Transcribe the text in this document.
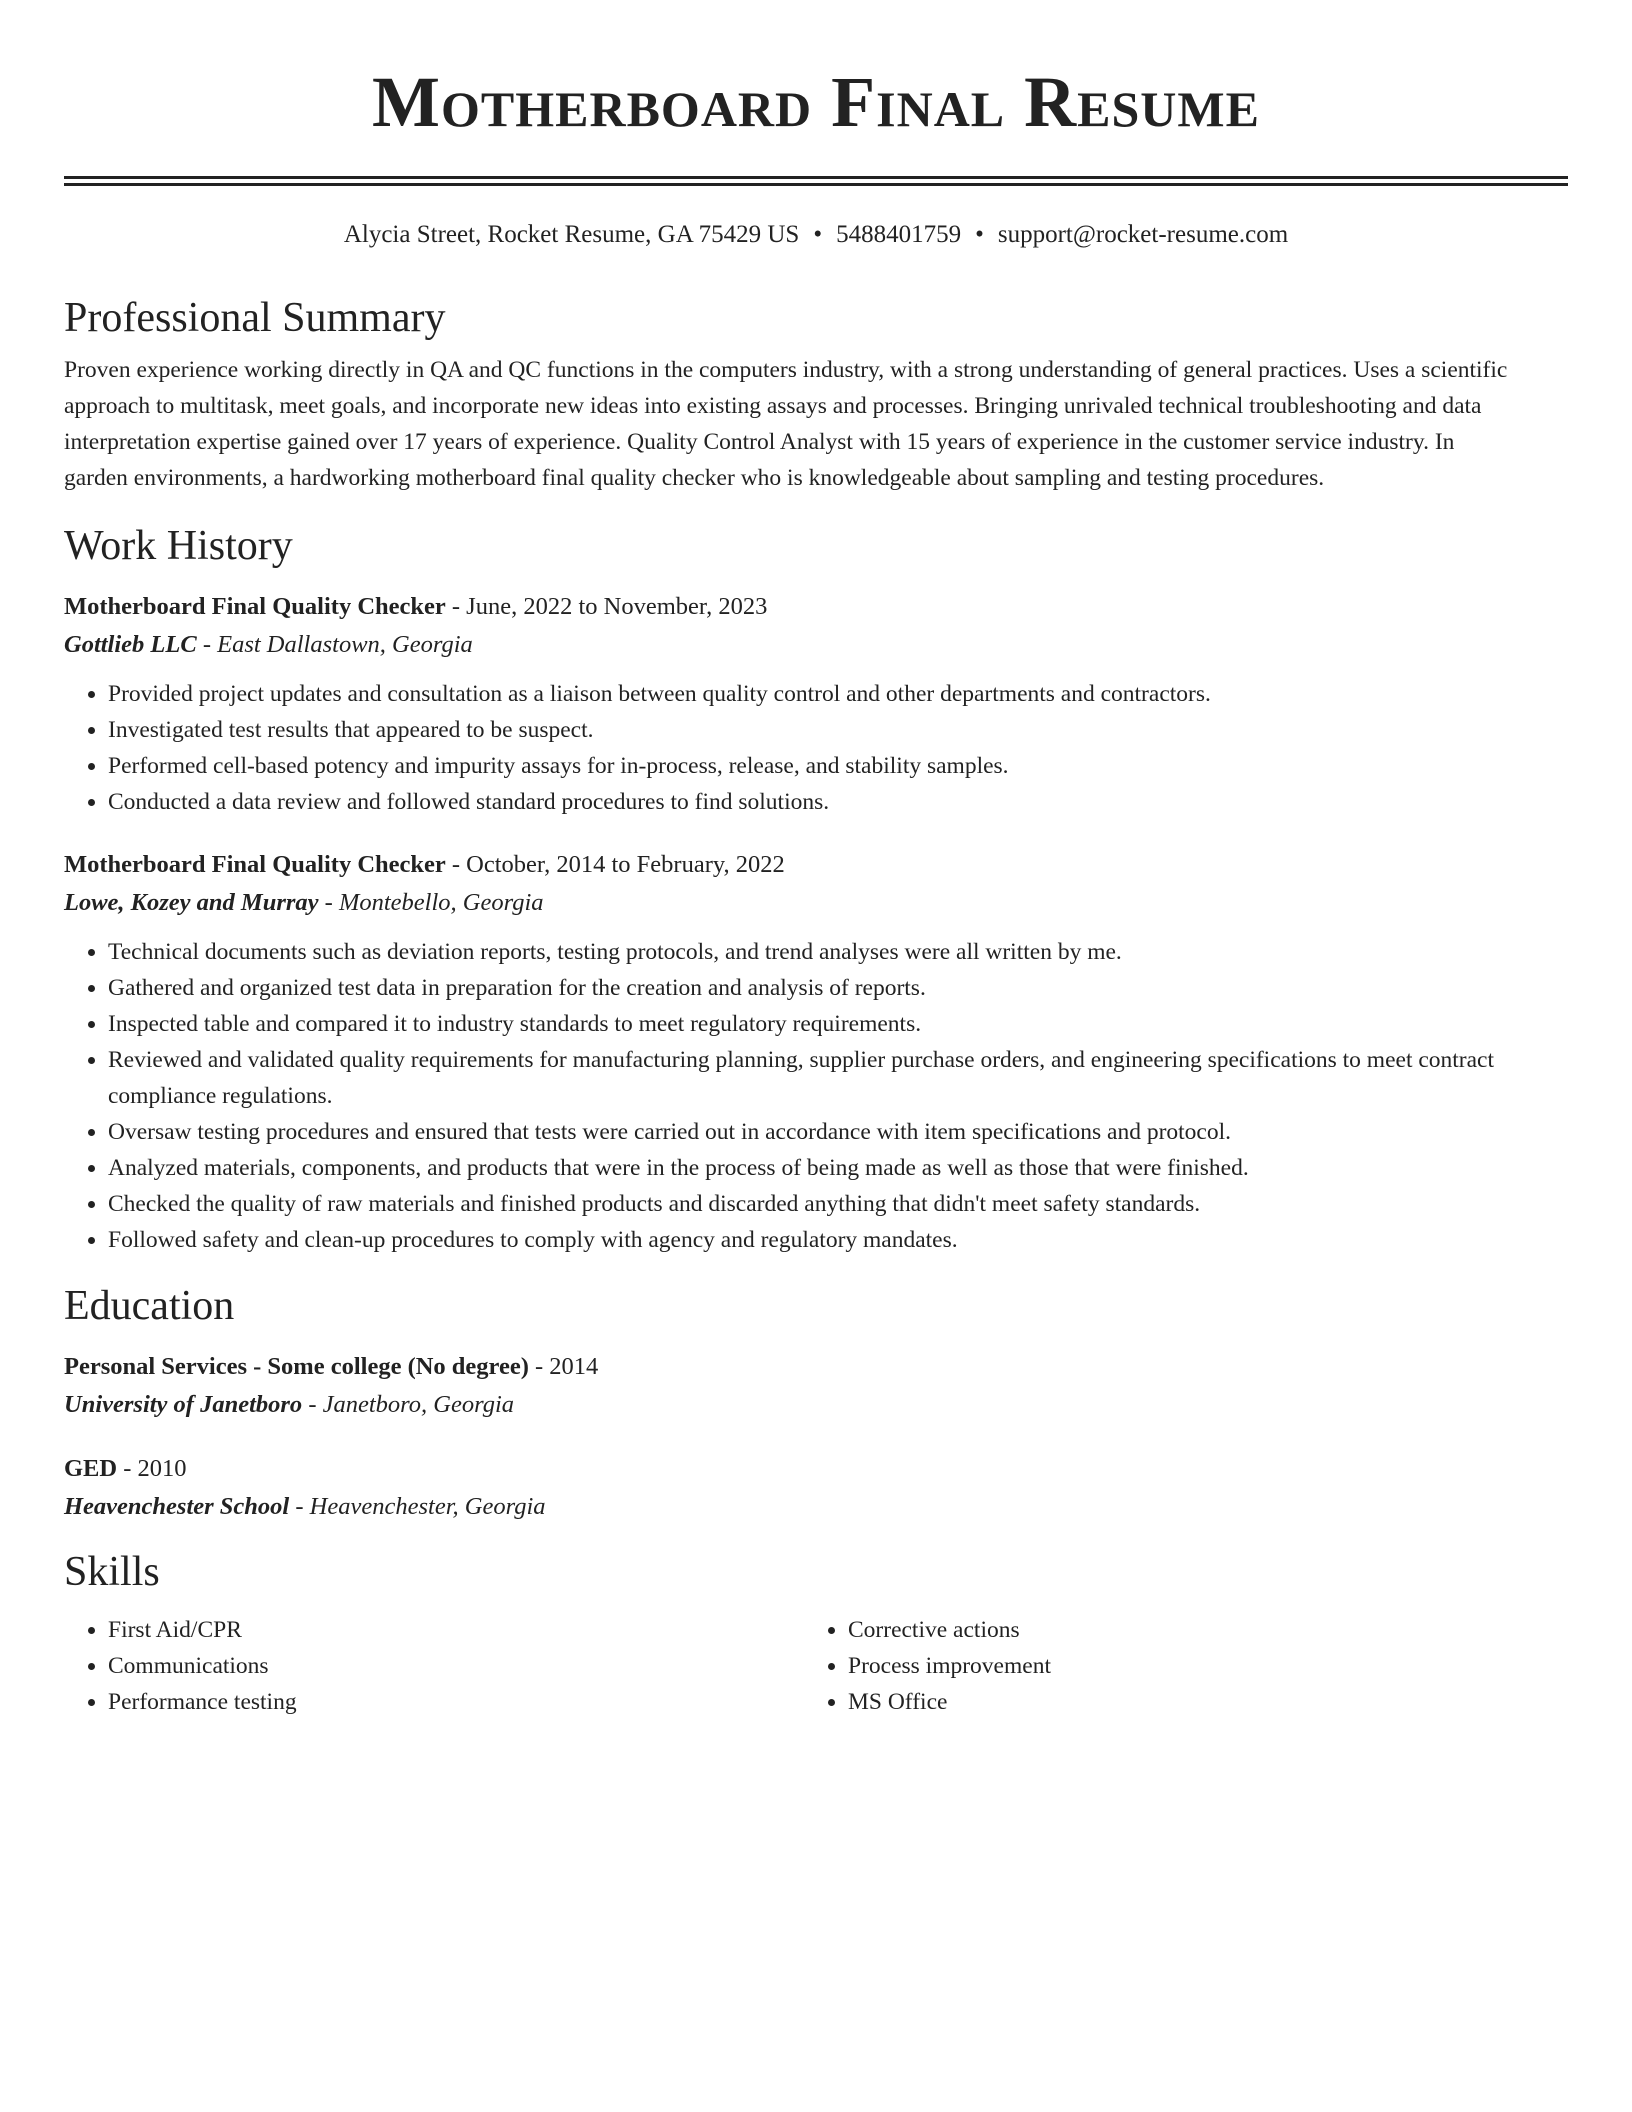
Motherboard Final Resume
Alycia Street, Rocket Resume, GA 75429 US • 5488401759 • support@rocket-resume.com
Professional Summary
Proven experience working directly in QA and QC functions in the computers industry, with a strong understanding of general practices. Uses a scientific approach to multitask, meet goals, and incorporate new ideas into existing assays and processes. Bringing unrivaled technical troubleshooting and data interpretation expertise gained over 17 years of experience. Quality Control Analyst with 15 years of experience in the customer service industry. In garden environments, a hardworking motherboard final quality checker who is knowledgeable about sampling and testing procedures.
Work History
Motherboard Final Quality Checker - June, 2022 to November, 2023
Gottlieb LLC - East Dallastown, Georgia
• Provided project updates and consultation as a liaison between quality control and other departments and contractors.
• Investigated test results that appeared to be suspect.
• Performed cell-based potency and impurity assays for in-process, release, and stability samples.
• Conducted a data review and followed standard procedures to find solutions.
Motherboard Final Quality Checker - October, 2014 to February, 2022
Lowe, Kozey and Murray - Montebello, Georgia
• Technical documents such as deviation reports, testing protocols, and trend analyses were all written by me.
• Gathered and organized test data in preparation for the creation and analysis of reports.
• Inspected table and compared it to industry standards to meet regulatory requirements.
• Reviewed and validated quality requirements for manufacturing planning, supplier purchase orders, and engineering specifications to meet contract compliance regulations.
• Oversaw testing procedures and ensured that tests were carried out in accordance with item specifications and protocol.
• Analyzed materials, components, and products that were in the process of being made as well as those that were finished.
• Checked the quality of raw materials and finished products and discarded anything that didn't meet safety standards.
• Followed safety and clean-up procedures to comply with agency and regulatory mandates.
Education
Personal Services - Some college (No degree) - 2014
University of Janetboro - Janetboro, Georgia
GED - 2010
Heavenchester School - Heavenchester, Georgia
Skills
• First Aid/CPR
• Communications
• Performance testing
• Corrective actions
• Process improvement
• MS Office
